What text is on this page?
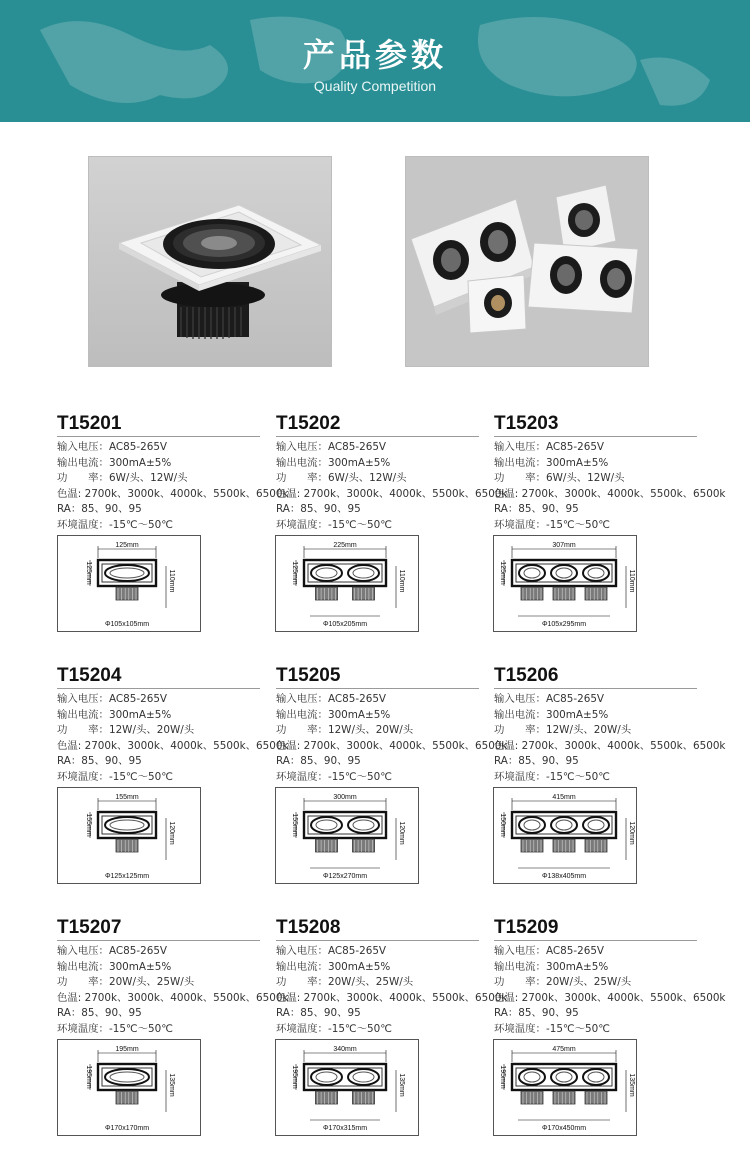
产品参数
Quality Competition
T15201
输入电压：AC85-265V
输出电流：300mA±5%
功　　率：6W/头、12W/头
色温: 2700k、3000k、4000k、5500k、6500k
RA：85、90、95
环境温度：-15℃～50℃
T15202
输入电压：AC85-265V
输出电流：300mA±5%
功　　率：6W/头、12W/头
色温: 2700k、3000k、4000k、5500k、6500k
RA：85、90、95
环境温度：-15℃～50℃
T15203
输入电压：AC85-265V
输出电流：300mA±5%
功　　率：6W/头、12W/头
色温: 2700k、3000k、4000k、5500k、6500k
RA：85、90、95
环境温度：-15℃～50℃
T15204
输入电压：AC85-265V
输出电流：300mA±5%
功　　率：12W/头、20W/头
色温: 2700k、3000k、4000k、5500k、6500k
RA：85、90、95
环境温度：-15℃～50℃
T15205
输入电压：AC85-265V
输出电流：300mA±5%
功　　率：12W/头、20W/头
色温: 2700k、3000k、4000k、5500k、6500k
RA：85、90、95
环境温度：-15℃～50℃
T15206
输入电压：AC85-265V
输出电流：300mA±5%
功　　率：12W/头、20W/头
色温: 2700k、3000k、4000k、5500k、6500k
RA：85、90、95
环境温度：-15℃～50℃
T15207
输入电压：AC85-265V
输出电流：300mA±5%
功　　率：20W/头、25W/头
色温: 2700k、3000k、4000k、5500k、6500k
RA：85、90、95
环境温度：-15℃～50℃
T15208
输入电压：AC85-265V
输出电流：300mA±5%
功　　率：20W/头、25W/头
色温: 2700k、3000k、4000k、5500k、6500k
RA：85、90、95
环境温度：-15℃～50℃
T15209
输入电压：AC85-265V
输出电流：300mA±5%
功　　率：20W/头、25W/头
色温: 2700k、3000k、4000k、5500k、6500k
RA：85、90、95
环境温度：-15℃～50℃
125mm
125mm	110mm
Φ105x105mm
225mm
125mm	110mm
Φ105x205mm
307mm
125mm	110mm
Φ105x295mm
155mm
155mm	120mm
Φ125x125mm
300mm
155mm	120mm
Φ125x270mm
415mm
150mm	120mm
Φ138x405mm
195mm
195mm	135mm
Φ170x170mm
340mm
195mm	135mm
Φ170x315mm
475mm
195mm	135mm
Φ170x450mm
